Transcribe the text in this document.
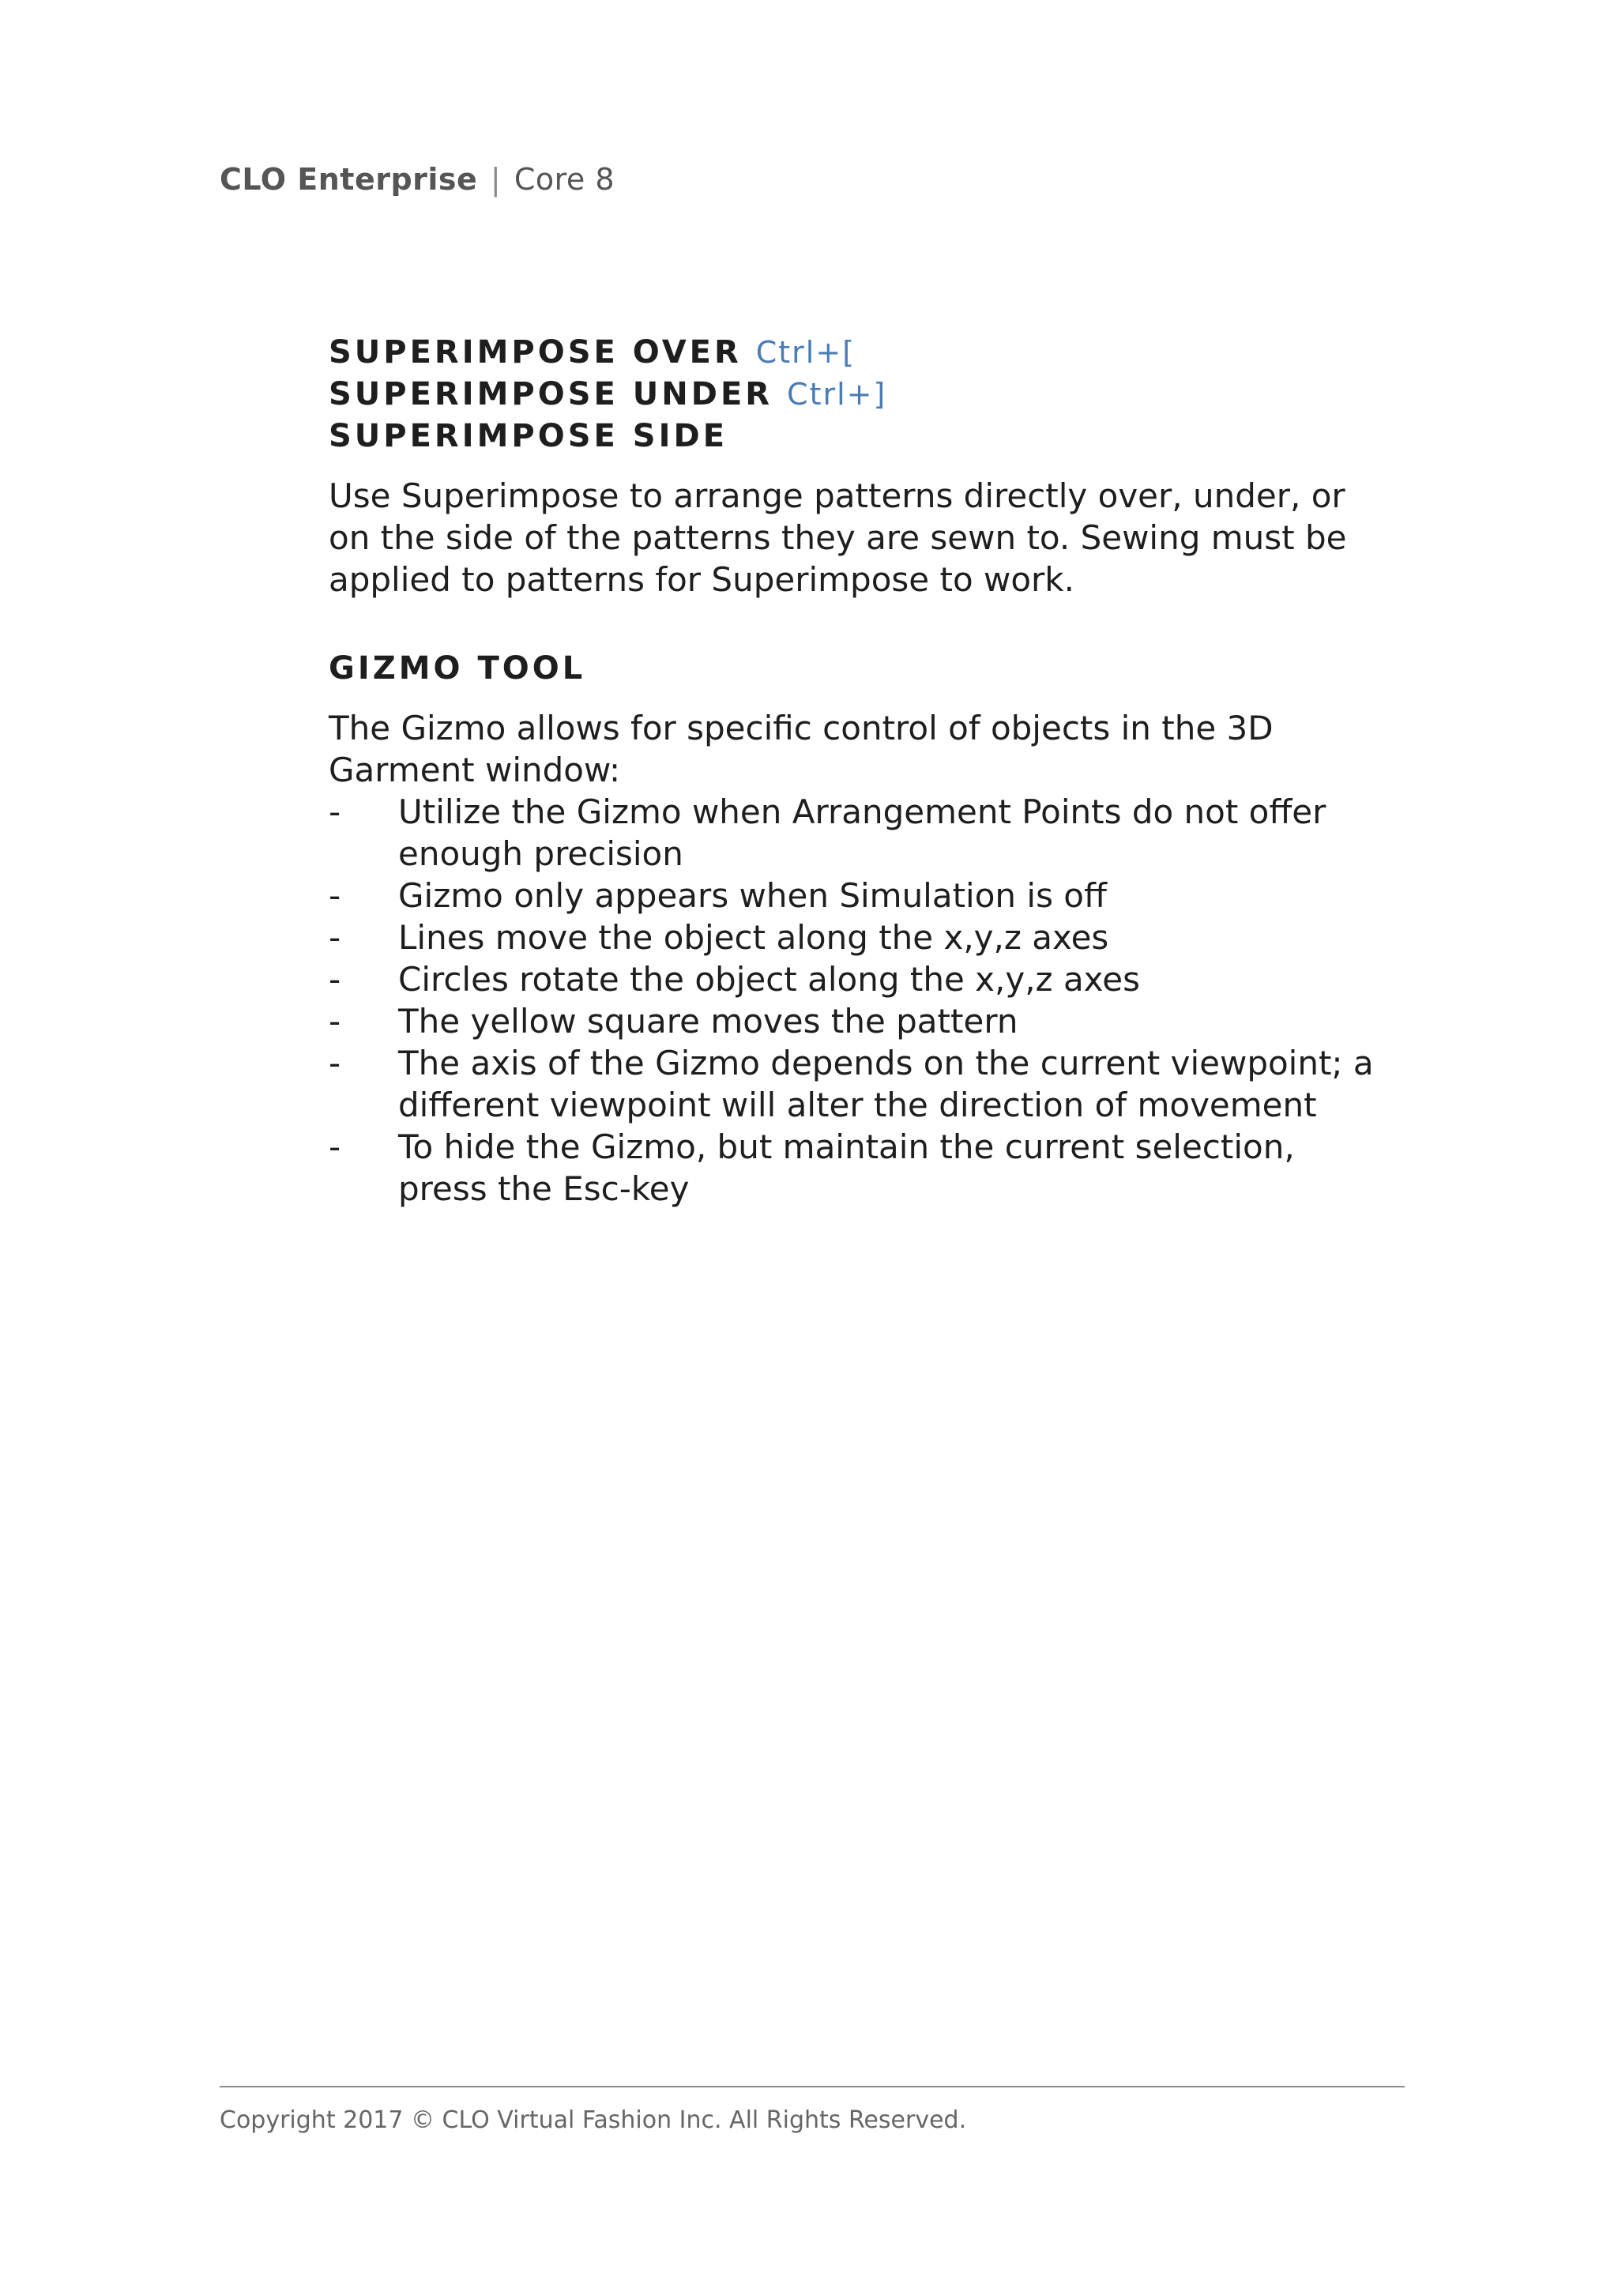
CLO Enterprise | Core 8
SUPERIMPOSE OVER Ctrl+[
SUPERIMPOSE UNDER Ctrl+]
SUPERIMPOSE SIDE

Use Superimpose to arrange patterns directly over, under, or on the side of the patterns they are sewn to. Sewing must be applied to patterns for Superimpose to work.

GIZMO TOOL

The Gizmo allows for specific control of objects in the 3D Garment window:

- Utilize the Gizmo when Arrangement Points do not offer enough precision
- Gizmo only appears when Simulation is off
- Lines move the object along the x,y,z axes
- Circles rotate the object along the x,y,z axes
- The yellow square moves the pattern
- The axis of the Gizmo depends on the current viewpoint; a different viewpoint will alter the direction of movement
- To hide the Gizmo, but maintain the current selection, press the Esc-key
Copyright 2017 © CLO Virtual Fashion Inc. All Rights Reserved.
